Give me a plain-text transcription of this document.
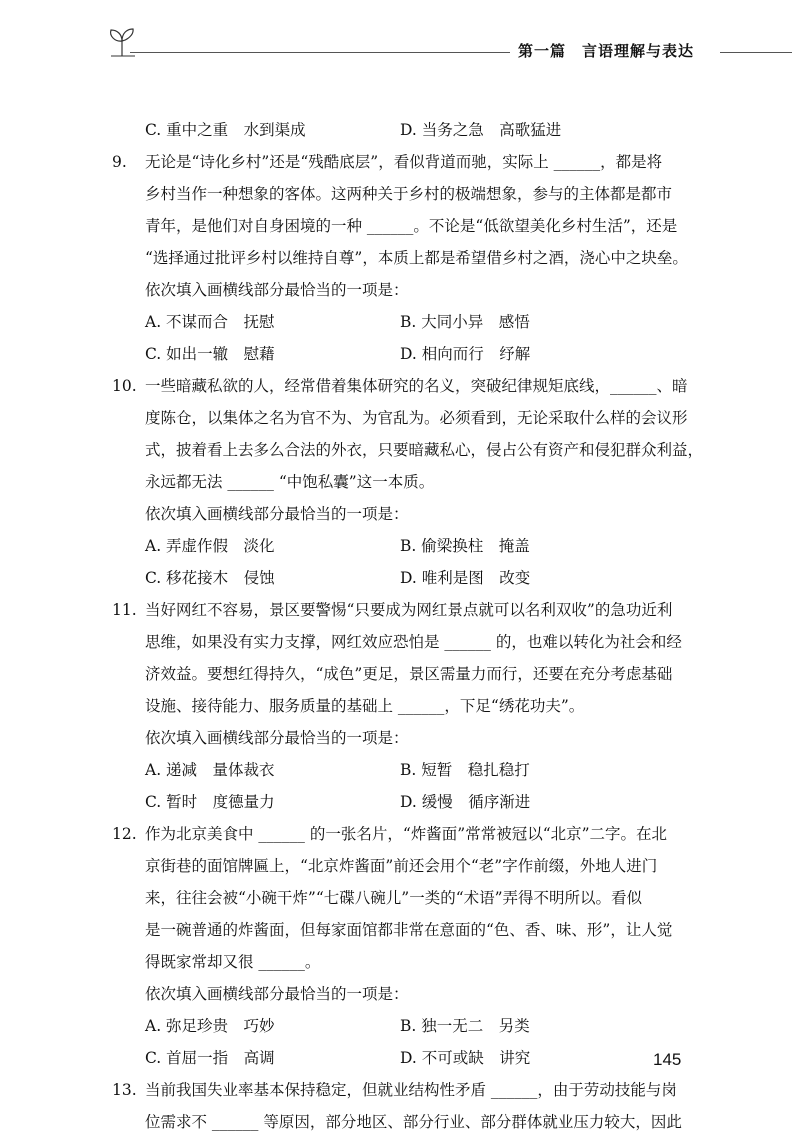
第一篇　言语理解与表达
C. 重中之重　水到渠成	D. 当务之急　高歌猛进
9. 无论是“诗化乡村”还是“残酷底层”，看似背道而驰，实际上 ______，都是将
乡村当作一种想象的客体。这两种关于乡村的极端想象，参与的主体都是都市
青年，是他们对自身困境的一种 ______。不论是“低欲望美化乡村生活”，还是
“选择通过批评乡村以维持自尊”，本质上都是希望借乡村之酒，浇心中之块垒。
依次填入画横线部分最恰当的一项是：
A. 不谋而合　抚慰	B. 大同小异　感悟
C. 如出一辙　慰藉	D. 相向而行　纾解
10. 一些暗藏私欲的人，经常借着集体研究的名义，突破纪律规矩底线，______、暗
度陈仓，以集体之名为官不为、为官乱为。必须看到，无论采取什么样的会议形
式，披着看上去多么合法的外衣，只要暗藏私心，侵占公有资产和侵犯群众利益，
永远都无法 ______ “中饱私囊”这一本质。
依次填入画横线部分最恰当的一项是：
A. 弄虚作假　淡化	B. 偷梁换柱　掩盖
C. 移花接木　侵蚀	D. 唯利是图　改变
11. 当好网红不容易，景区要警惕“只要成为网红景点就可以名利双收”的急功近利
思维，如果没有实力支撑，网红效应恐怕是 ______ 的，也难以转化为社会和经
济效益。要想红得持久，“成色”更足，景区需量力而行，还要在充分考虑基础
设施、接待能力、服务质量的基础上 ______，下足“绣花功夫”。
依次填入画横线部分最恰当的一项是：
A. 递减　量体裁衣	B. 短暂　稳扎稳打
C. 暂时　度德量力	D. 缓慢　循序渐进
12. 作为北京美食中 ______ 的一张名片，“炸酱面”常常被冠以“北京”二字。在北
京街巷的面馆牌匾上，“北京炸酱面”前还会用个“老”字作前缀，外地人进门
来，往往会被“小碗干炸”“七碟八碗儿”一类的“术语”弄得不明所以。看似
是一碗普通的炸酱面，但每家面馆都非常在意面的“色、香、味、形”，让人觉
得既家常却又很 ______。
依次填入画横线部分最恰当的一项是：
A. 弥足珍贵　巧妙	B. 独一无二　另类
C. 首屈一指　高调	D. 不可或缺　讲究
13. 当前我国失业率基本保持稳定，但就业结构性矛盾 ______，由于劳动技能与岗
位需求不 ______ 等原因，部分地区、部分行业、部分群体就业压力较大，因此
145
